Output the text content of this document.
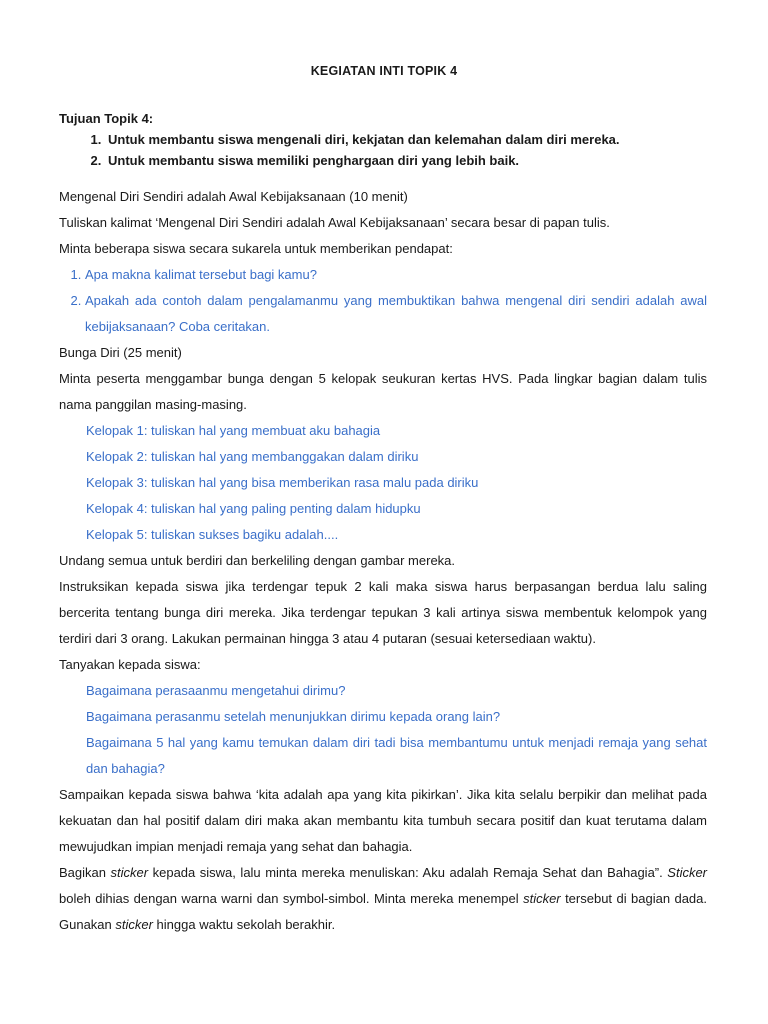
KEGIATAN INTI TOPIK 4
Tujuan Topik 4:
1. Untuk membantu siswa mengenali diri, kekjatan dan kelemahan dalam diri mereka.
2. Untuk membantu siswa memiliki penghargaan diri yang lebih baik.

Mengenal Diri Sendiri adalah Awal Kebijaksanaan (10 menit)

Tuliskan kalimat ‘Mengenal Diri Sendiri adalah Awal Kebijaksanaan’ secara besar di papan tulis.

Minta beberapa siswa secara sukarela untuk memberikan pendapat:

1. Apa makna kalimat tersebut bagi kamu?
2. Apakah ada contoh dalam pengalamanmu yang membuktikan bahwa mengenal diri sendiri adalah awal kebijaksanaan? Coba ceritakan.

Bunga Diri (25 menit)

Minta peserta menggambar bunga dengan 5 kelopak seukuran kertas HVS. Pada lingkar bagian dalam tulis nama panggilan masing-masing.

Kelopak 1: tuliskan hal yang membuat aku bahagia

Kelopak 2: tuliskan hal yang membanggakan dalam diriku

Kelopak 3: tuliskan hal yang bisa memberikan rasa malu pada diriku

Kelopak 4: tuliskan hal yang paling penting dalam hidupku

Kelopak 5: tuliskan sukses bagiku adalah....

Undang semua untuk berdiri dan berkeliling dengan gambar mereka.

Instruksikan kepada siswa jika terdengar tepuk 2 kali maka siswa harus berpasangan berdua lalu saling bercerita tentang bunga diri mereka. Jika terdengar tepukan 3 kali artinya siswa membentuk kelompok yang terdiri dari 3 orang. Lakukan permainan hingga 3 atau 4 putaran (sesuai ketersediaan waktu).

Tanyakan kepada siswa:

Bagaimana perasaanmu mengetahui dirimu?

Bagaimana perasanmu setelah menunjukkan dirimu kepada orang lain?

Bagaimana 5 hal yang kamu temukan dalam diri tadi bisa membantumu untuk menjadi remaja yang sehat dan bahagia?

Sampaikan kepada siswa bahwa ‘kita adalah apa yang kita pikirkan’. Jika kita selalu berpikir dan melihat pada kekuatan dan hal positif dalam diri maka akan membantu kita tumbuh secara positif dan kuat terutama dalam mewujudkan impian menjadi remaja yang sehat dan bahagia.

Bagikan sticker kepada siswa, lalu minta mereka menuliskan: Aku adalah Remaja Sehat dan Bahagia”. Sticker boleh dihias dengan warna warni dan symbol-simbol. Minta mereka menempel sticker tersebut di bagian dada. Gunakan sticker hingga waktu sekolah berakhir.
